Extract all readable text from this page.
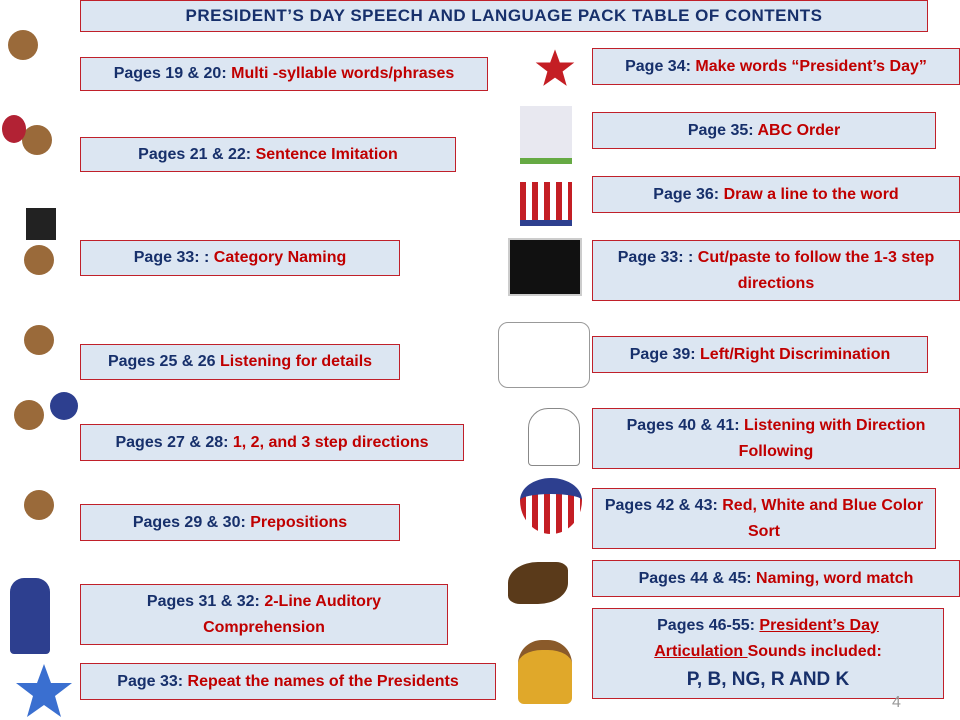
PRESIDENT’S DAY SPEECH AND LANGUAGE PACK TABLE OF CONTENTS
Pages 19 & 20: Multi -syllable words/phrases
Pages 21 & 22: Sentence Imitation
Page 33: : Category Naming
Pages 25 & 26 Listening for details
Pages 27 & 28: 1, 2, and 3 step directions
Pages 29 & 30: Prepositions
Pages 31 & 32: 2-Line Auditory Comprehension
Page 33: Repeat the names of the Presidents
Page 34: Make words “President’s Day”
Page 35: ABC Order
Page 36: Draw a line to the word
Page 33: : Cut/paste to follow the 1-3 step directions
Page 39: Left/Right Discrimination
Pages 40 & 41: Listening with Direction Following
Pages 42 & 43: Red, White and Blue Color Sort
Pages 44 & 45: Naming, word match
Pages 46-55: President’s Day
Articulation Sounds included:
P, B, NG, R AND K
4
